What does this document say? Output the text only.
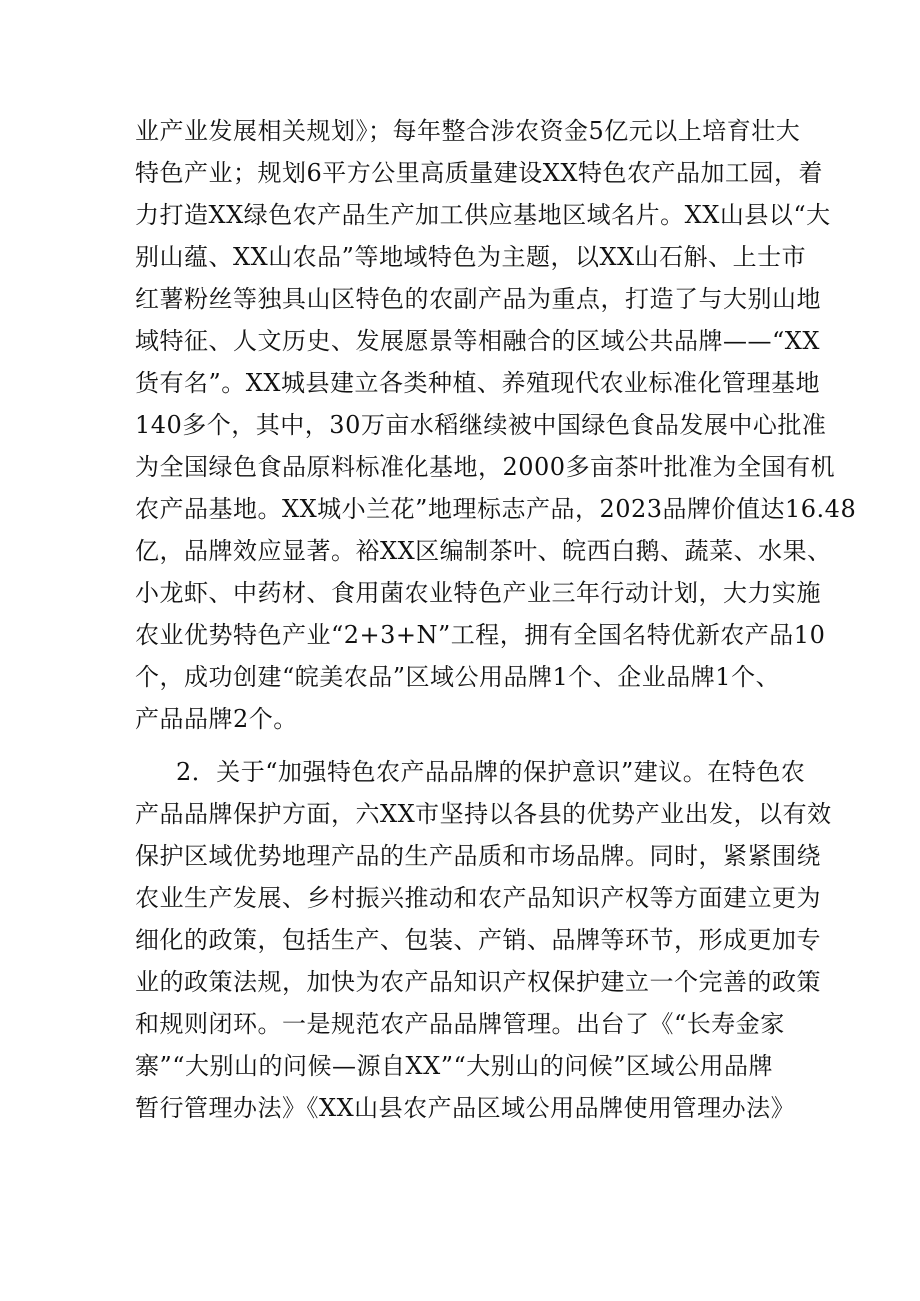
业产业发展相关规划》；每年整合涉农资金5亿元以上培育壮大
特色产业；规划6平方公里高质量建设XX特色农产品加工园，着
力打造XX绿色农产品生产加工供应基地区域名片。XX山县以“大
别山蕴、XX山农品”等地域特色为主题，以XX山石斛、上士市
红薯粉丝等独具山区特色的农副产品为重点，打造了与大别山地
域特征、人文历史、发展愿景等相融合的区域公共品牌——“XX
货有名”。XX城县建立各类种植、养殖现代农业标准化管理基地
140多个，其中，30万亩水稻继续被中国绿色食品发展中心批准
为全国绿色食品原料标准化基地，2000多亩茶叶批准为全国有机
农产品基地。XX城小兰花”地理标志产品，2023品牌价值达16.48
亿，品牌效应显著。裕XX区编制茶叶、皖西白鹅、蔬菜、水果、
小龙虾、中药材、食用菌农业特色产业三年行动计划，大力实施
农业优势特色产业“2+3+N”工程，拥有全国名特优新农产品10
个，成功创建“皖美农品”区域公用品牌1个、企业品牌1个、
产品品牌2个。
2．关于“加强特色农产品品牌的保护意识”建议。在特色农
产品品牌保护方面，六XX市坚持以各县的优势产业出发，以有效
保护区域优势地理产品的生产品质和市场品牌。同时，紧紧围绕
农业生产发展、乡村振兴推动和农产品知识产权等方面建立更为
细化的政策，包括生产、包装、产销、品牌等环节，形成更加专
业的政策法规，加快为农产品知识产权保护建立一个完善的政策
和规则闭环。一是规范农产品品牌管理。出台了《“长寿金家
寨”“大别山的问候—源自XX”“大别山的问候”区域公用品牌
暂行管理办法》《XX山县农产品区域公用品牌使用管理办法》
